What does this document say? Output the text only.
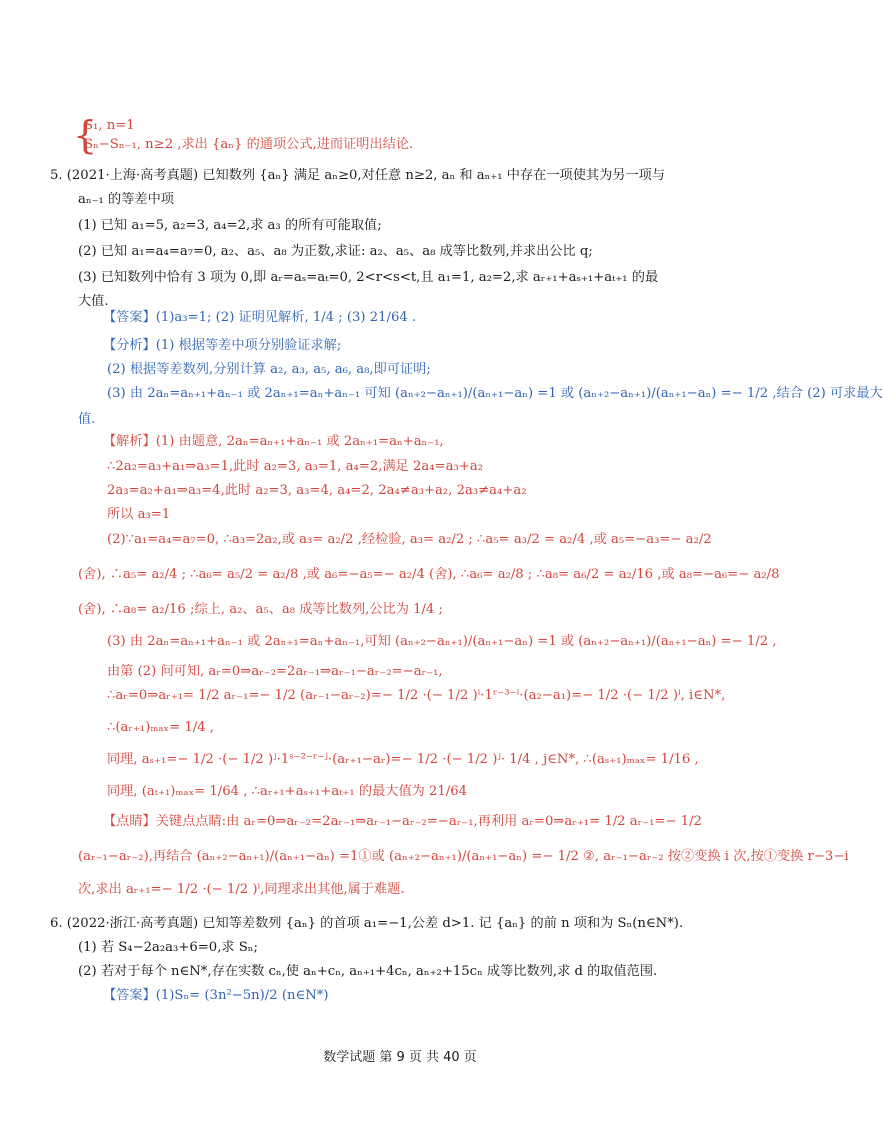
{
S₁, n=1
Sₙ−Sₙ₋₁, n≥2 ,求出 {aₙ} 的通项公式,进而证明出结论.
5. (2021·上海·高考真题) 已知数列 {aₙ} 满足 aₙ≥0,对任意 n≥2, aₙ 和 aₙ₊₁ 中存在一项使其为另一项与
aₙ₋₁ 的等差中项
(1) 已知 a₁=5, a₂=3, a₄=2,求 a₃ 的所有可能取值;
(2) 已知 a₁=a₄=a₇=0, a₂、a₅、a₈ 为正数,求证: a₂、a₅、a₈ 成等比数列,并求出公比 q;
(3) 已知数列中恰有 3 项为 0,即 aᵣ=aₛ=aₜ=0, 2<r<s<t,且 a₁=1, a₂=2,求 aᵣ₊₁+aₛ₊₁+aₜ₊₁ 的最
大值.
【答案】(1)a₃=1; (2) 证明见解析, 1/4 ; (3) 21/64 .
【分析】(1) 根据等差中项分别验证求解;
(2) 根据等差数列,分别计算 a₂, a₃, a₅, a₆, a₈,即可证明;
(3) 由 2aₙ=aₙ₊₁+aₙ₋₁ 或 2aₙ₊₁=aₙ+aₙ₋₁ 可知 (aₙ₊₂−aₙ₊₁)/(aₙ₊₁−aₙ) =1 或 (aₙ₊₂−aₙ₊₁)/(aₙ₊₁−aₙ) =− 1/2 ,结合 (2) 可求最大
值.
【解析】(1) 由题意, 2aₙ=aₙ₊₁+aₙ₋₁ 或 2aₙ₊₁=aₙ+aₙ₋₁,
∴2a₂=a₃+a₁⇒a₃=1,此时 a₂=3, a₃=1, a₄=2,满足 2a₄=a₃+a₂
2a₃=a₂+a₁⇒a₃=4,此时 a₂=3, a₃=4, a₄=2, 2a₄≠a₃+a₂, 2a₃≠a₄+a₂
所以 a₃=1
(2)∵a₁=a₄=a₇=0, ∴a₃=2a₂,或 a₃= a₂/2 ,经检验, a₃= a₂/2 ; ∴a₅= a₃/2 = a₂/4 ,或 a₅=−a₃=− a₂/2
(舍), ∴a₅= a₂/4 ; ∴a₆= a₅/2 = a₂/8 ,或 a₆=−a₅=− a₂/4 (舍), ∴a₆= a₂/8 ; ∴a₈= a₆/2 = a₂/16 ,或 a₈=−a₆=− a₂/8
(舍), ∴a₈= a₂/16 ;综上, a₂、a₅、a₈ 成等比数列,公比为 1/4 ;
(3) 由 2aₙ=aₙ₊₁+aₙ₋₁ 或 2aₙ₊₁=aₙ+aₙ₋₁,可知 (aₙ₊₂−aₙ₊₁)/(aₙ₊₁−aₙ) =1 或 (aₙ₊₂−aₙ₊₁)/(aₙ₊₁−aₙ) =− 1/2 ,
由第 (2) 问可知, aᵣ=0⇒aᵣ₋₂=2aᵣ₋₁⇒aᵣ₋₁−aᵣ₋₂=−aᵣ₋₁,
∴aᵣ=0⇒aᵣ₊₁= 1/2 aᵣ₋₁=− 1/2 (aᵣ₋₁−aᵣ₋₂)=− 1/2 ·(− 1/2 )ⁱ·1ʳ⁻³⁻ⁱ·(a₂−a₁)=− 1/2 ·(− 1/2 )ⁱ, i∈N*,
∴(aᵣ₊₁)ₘₐₓ= 1/4 ,
同理, aₛ₊₁=− 1/2 ·(− 1/2 )ʲ·1ˢ⁻²⁻ʳ⁻ʲ·(aᵣ₊₁−aᵣ)=− 1/2 ·(− 1/2 )ʲ· 1/4 , j∈N*, ∴(aₛ₊₁)ₘₐₓ= 1/16 ,
同理, (aₜ₊₁)ₘₐₓ= 1/64 , ∴aᵣ₊₁+aₛ₊₁+aₜ₊₁ 的最大值为 21/64
【点睛】关键点点睛:由 aᵣ=0⇒aᵣ₋₂=2aᵣ₋₁⇒aᵣ₋₁−aᵣ₋₂=−aᵣ₋₁,再利用 aᵣ=0⇒aᵣ₊₁= 1/2 aᵣ₋₁=− 1/2
(aᵣ₋₁−aᵣ₋₂),再结合 (aₙ₊₂−aₙ₊₁)/(aₙ₊₁−aₙ) =1①或 (aₙ₊₂−aₙ₊₁)/(aₙ₊₁−aₙ) =− 1/2 ②, aᵣ₋₁−aᵣ₋₂ 按②变换 i 次,按①变换 r−3−i
次,求出 aᵣ₊₁=− 1/2 ·(− 1/2 )ⁱ,同理求出其他,属于难题.
6. (2022·浙江·高考真题) 已知等差数列 {aₙ} 的首项 a₁=−1,公差 d>1. 记 {aₙ} 的前 n 项和为 Sₙ(n∈N*).
(1) 若 S₄−2a₂a₃+6=0,求 Sₙ;
(2) 若对于每个 n∈N*,存在实数 cₙ,使 aₙ+cₙ, aₙ₊₁+4cₙ, aₙ₊₂+15cₙ 成等比数列,求 d 的取值范围.
【答案】(1)Sₙ= (3n²−5n)/2 (n∈N*)
数学试题 第 9 页 共 40 页
